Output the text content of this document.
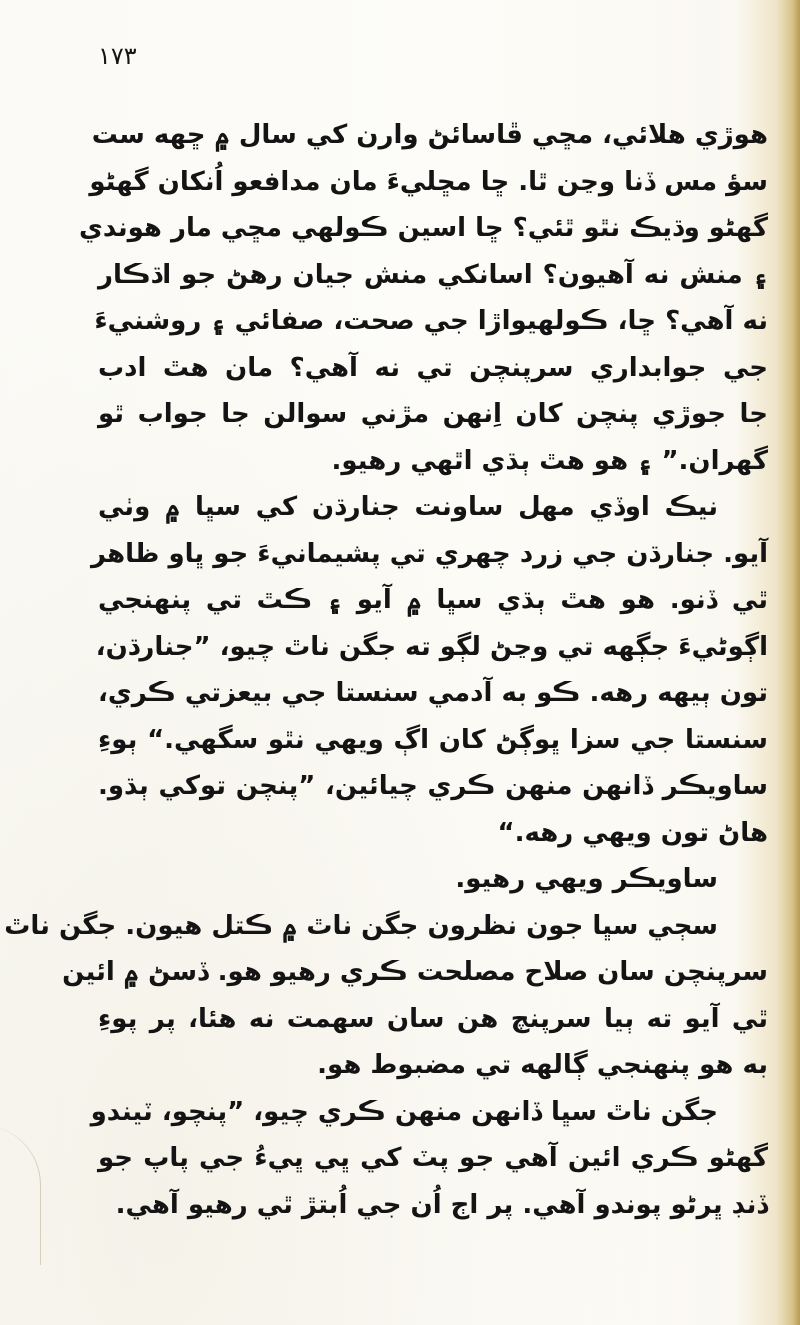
١٧٣
هوڙي هلائي، مڇي ڦاسائڻ وارن کي سال ۾ ڇهه ست
سؤ مس ڏنا وڃن ٿا. ڇا مڇليءَ مان مدافعو اُنکان گهڻو
گهڻو وڌيڪ نٿو ٿئي؟ ڇا اسين ڪولهي مڇي مار هوندي
۽ منش نه آهيون؟ اسانکي منش جيان رهڻ جو اڌڪار
نه آهي؟ ڇا، ڪولهيواڙا جي صحت، صفائي ۽ روشنيءَ
جي جوابداري سرپنچن تي نه آهي؟ مان هٿ ادب
جا جوڙي پنچن کان اِنهن مڙني سوالن جا جواب ٿو
گهران.” ۽ هو هٿ ٻڌي اٿهي رهيو.
نيڪ اوڏي مهل ساونت جنارڌن کي سڀا ۾ وٺي
آيو. جنارڌن جي زرد چهري تي پشيمانيءَ جو ڀاو ظاهر
ٿي ڏنو. هو هٿ ٻڌي سڀا ۾ آيو ۽ ڪٿ تي پنهنجي
اڳوڻيءَ جڳهه تي وڃڻ لڳو ته جگن ناٿ چيو، ”جنارڌن،
تون ٻيهه رهه. ڪو به آدمي سنستا جي بيعزتي ڪري،
سنستا جي سزا ڀوڳڻ کان اڳ ويهي نٿو سگهي.“ ٻوءِ
ساويڪر ڏانهن منهن ڪري چيائين، ”پنچن توکي ٻڌو.
هاڻ تون ويهي رهه.“
ساويڪر ويهي رهيو.
سڄي سڀا جون نظرون جگن ناٿ ۾ ڪتل هيون. جگن ناٿ
سرپنچن سان صلاح مصلحت ڪري رهيو هو. ڏسڻ ۾ ائين
ٿي آيو ته ٻيا سرپنچ هن سان سهمت نه هئا، پر پوءِ
به هو پنهنجي ڳالهه تي مضبوط هو.
جگن ناٿ سڀا ڏانهن منهن ڪري چيو، ”پنچو، ٽيندو
گهڻو ڪري ائين آهي جو پٽ کي ڀي ڀيءُ جي پاپ جو
ڏنڊ ڀرڻو پوندو آهي. پر اڄ اُن جي اُبتڙ ٿي رهيو آهي.
